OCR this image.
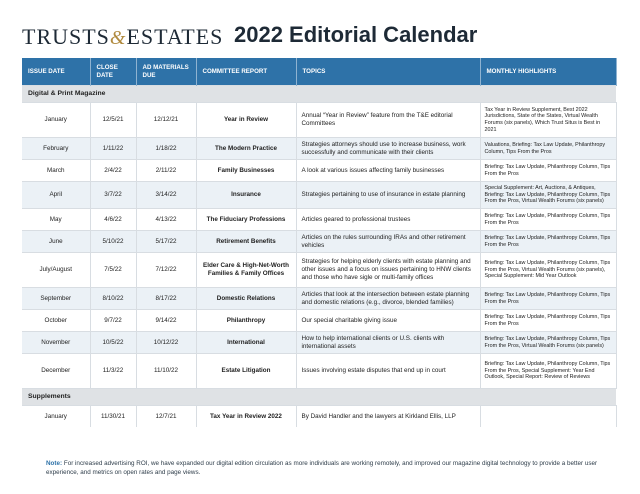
TRUSTS&ESTATES 2022 Editorial Calendar
ISSUE DATE	CLOSE DATE	AD MATERIALS DUE	COMMITTEE REPORT	TOPICS	MONTHLY HIGHLIGHTS
Digital & Print Magazine					
January	12/5/21	12/12/21	Year in Review	Annual “Year in Review” feature from the T&E editorial Committees	Tax Year in Review Supplement, Best 2022 Jurisdictions, State of the States, Virtual Wealth Forums (six panels), Which Trust Situs is Best in 2021
February	1/11/22	1/18/22	The Modern Practice	Strategies attorneys should use to increase business, work successfully and communicate with their clients	Valuations, Briefing: Tax Law Update, Philanthropy Column, Tips From the Pros
March	2/4/22	2/11/22	Family Businesses	A look at various issues affecting family businesses	Briefing: Tax Law Update, Philanthropy Column, Tips From the Pros
April	3/7/22	3/14/22	Insurance	Strategies pertaining to use of insurance in estate planning	Special Supplement: Art, Auctions, & Antiques, Briefing: Tax Law Update, Philanthropy Column, Tips From the Pros, Virtual Wealth Forums (six panels)
May	4/6/22	4/13/22	The Fiduciary Professions	Articles geared to professional trustees	Briefing: Tax Law Update, Philanthropy Column, Tips From the Pros
June	5/10/22	5/17/22	Retirement Benefits	Articles on the rules surrounding IRAs and other retirement vehicles	Briefing: Tax Law Update, Philanthropy Column, Tips From the Pros
July/August	7/5/22	7/12/22	Elder Care & High-Net-Worth Families & Family Offices	Strategies for helping elderly clients with estate planning and other issues and a focus on issues pertaining to HNW clients and those who have sigle or multi-family offices	Briefing: Tax Law Update, Philanthropy Column, Tips From the Pros, Virtual Wealth Forums (six panels), Special Supplement: Mid Year Outlook
September	8/10/22	8/17/22	Domestic Relations	Articles that look at the intersection between estate planning and domestic relations (e.g., divorce, blended families)	Briefing: Tax Law Update, Philanthropy Column, Tips From the Pros
October	9/7/22	9/14/22	Philanthropy	Our special charitable giving issue	Briefing: Tax Law Update, Philanthropy Column, Tips From the Pros
November	10/5/22	10/12/22	International	How to help international clients or U.S. clients with international assets	Briefing: Tax Law Update, Philanthropy Column, Tips From the Pros, Virtual Wealth Forums (six panels)
December	11/3/22	11/10/22	Estate Litigation	Issues involving estate disputes that end up in court	Briefing: Tax Law Update, Philanthropy Column, Tips From the Pros, Special Supplement: Year End Outlook, Special Report: Review of Reviews
Supplements					
January	11/30/21	12/7/21	Tax Year in Review 2022	By David Handler and the lawyers at Kirkland Ellis, LLP	
Note: For increased advertising ROI, we have expanded our digital edition circulation as more individuals are working remotely, and improved our magazine digital technology to provide a better user experience, and metrics on open rates and page views.
